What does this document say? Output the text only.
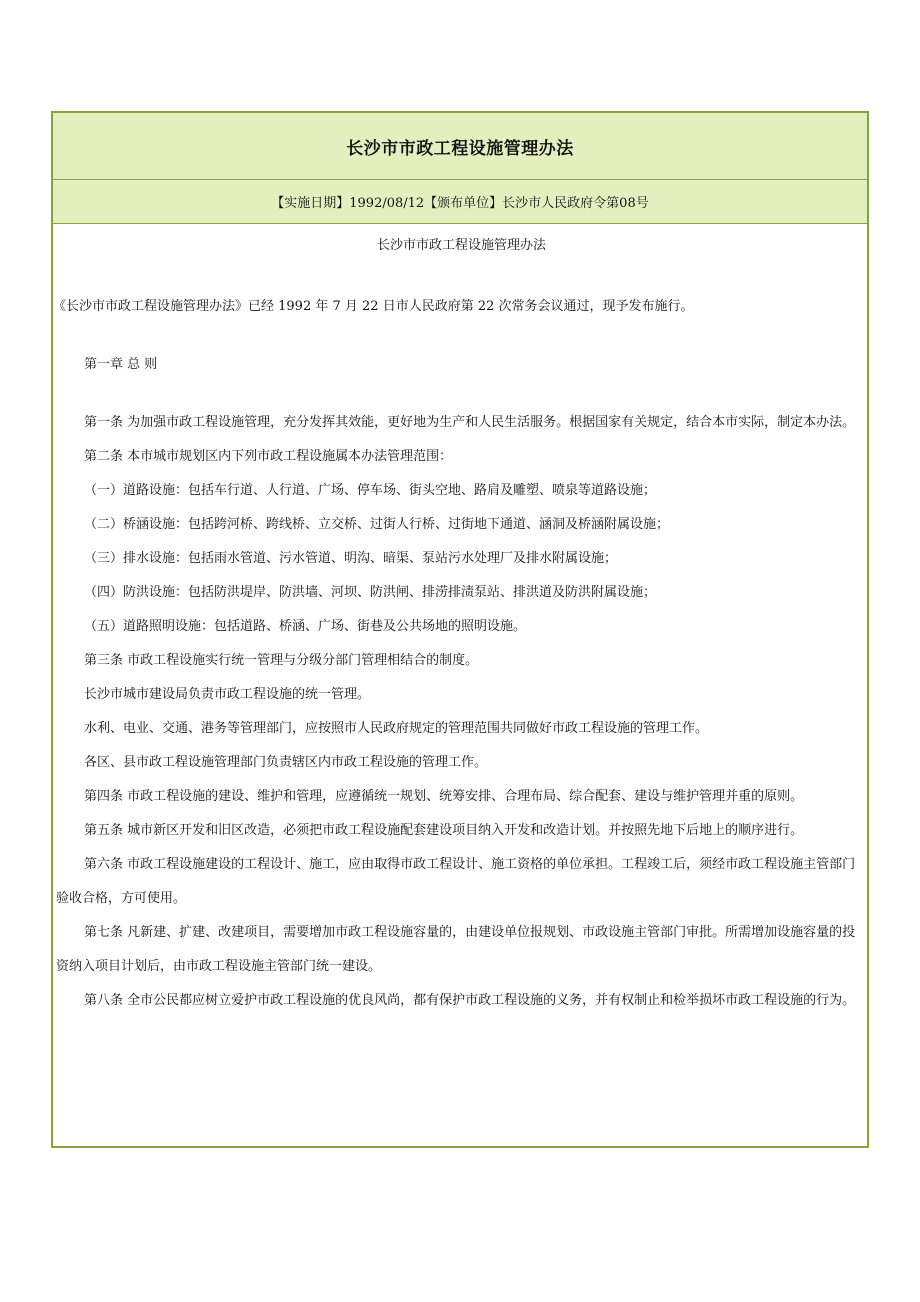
长沙市市政工程设施管理办法
【实施日期】1992/08/12【颁布单位】长沙市人民政府令第08号

长沙市市政工程设施管理办法

《长沙市市政工程设施管理办法》已经 1992 年 7 月 22 日市人民政府第 22 次常务会议通过，现予发布施行。

第一章 总 则

第一条 为加强市政工程设施管理，充分发挥其效能，更好地为生产和人民生活服务。根据国家有关规定，结合本市实际，制定本办法。

第二条 本市城市规划区内下列市政工程设施属本办法管理范围：

（一）道路设施：包括车行道、人行道、广场、停车场、街头空地、路肩及雕塑、喷泉等道路设施；

（二）桥涵设施：包括跨河桥、跨线桥、立交桥、过街人行桥、过街地下通道、涵洞及桥涵附属设施；

（三）排水设施：包括雨水管道、污水管道、明沟、暗渠、泵站污水处理厂及排水附属设施；

（四）防洪设施：包括防洪堤岸、防洪墙、河坝、防洪闸、排涝排渍泵站、排洪道及防洪附属设施；

（五）道路照明设施：包括道路、桥涵、广场、街巷及公共场地的照明设施。

第三条 市政工程设施实行统一管理与分级分部门管理相结合的制度。

长沙市城市建设局负责市政工程设施的统一管理。

水利、电业、交通、港务等管理部门，应按照市人民政府规定的管理范围共同做好市政工程设施的管理工作。

各区、县市政工程设施管理部门负责辖区内市政工程设施的管理工作。

第四条 市政工程设施的建设、维护和管理，应遵循统一规划、统筹安排、合理布局、综合配套、建设与维护管理并重的原则。

第五条 城市新区开发和旧区改造，必须把市政工程设施配套建设项目纳入开发和改造计划。并按照先地下后地上的顺序进行。

第六条 市政工程设施建设的工程设计、施工，应由取得市政工程设计、施工资格的单位承担。工程竣工后，须经市政工程设施主管部门验收合格，方可使用。

第七条 凡新建、扩建、改建项目，需要增加市政工程设施容量的，由建设单位报规划、市政设施主管部门审批。所需增加设施容量的投资纳入项目计划后，由市政工程设施主管部门统一建设。

第八条 全市公民都应树立爱护市政工程设施的优良风尚，都有保护市政工程设施的义务，并有权制止和检举损坏市政工程设施的行为。
